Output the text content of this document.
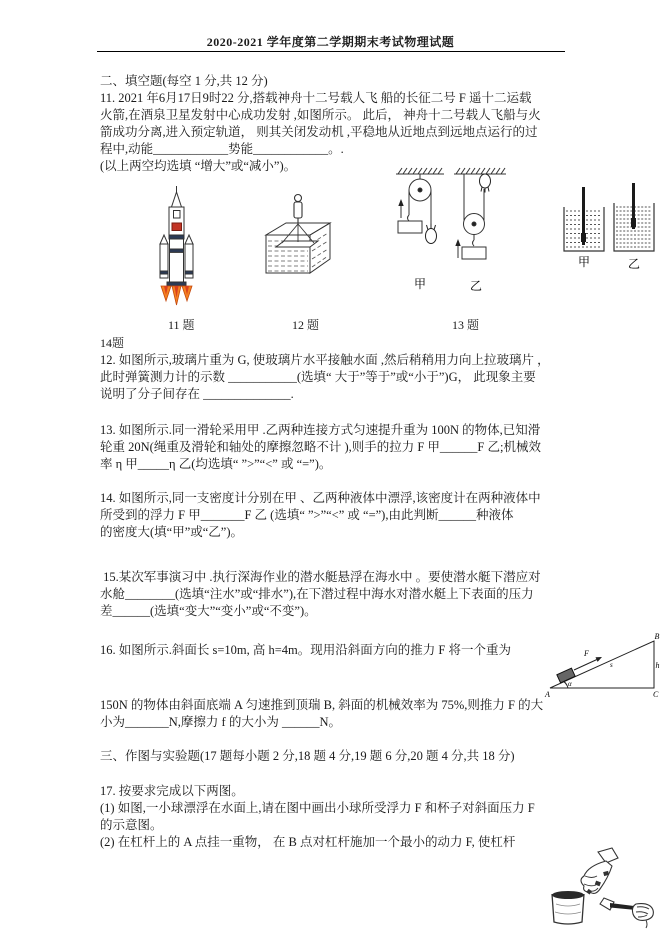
2020-2021 学年度第二学期期末考试物理试题
二、填空题(每空 1 分,共 12 分)
11. 2021 年6月17日9时22 分,搭载神舟十二号载人飞 船的长征二号 F 遥十二运载
火箭,在酒泉卫星发射中心成功发射 ,如图所示。 此后， 神舟十二号载人飞船与火
箭成功分离,进入预定轨道， 则其关闭发动机 ,平稳地从近地点到远地点运行的过
程中,动能____________势能____________。.
(以上两空均选填 “增大”或“减小”)。
甲	乙
甲	乙
11 题	12 题	13 题
14题
12. 如图所示,玻璃片重为 G, 使玻璃片水平接触水面 ,然后稍稍用力向上拉玻璃片 ，
此时弹簧测力计的示数 ___________(选填“ 大于”等于”或“小于”)G， 此现象主要
说明了分子间存在 ______________.
13. 如图所示.同一滑轮采用甲 .乙两种连接方式匀速提升重为 100N 的物体,已知滑
轮重 20N(绳重及滑轮和轴处的摩擦忽略不计 ),则手的拉力 F 甲______F 乙;机械效
率 η 甲_____η 乙(均选填“ ”>”“<” 或 “=”)。
14. 如图所示,同一支密度计分别在甲 、乙两种液体中漂浮,该密度计在两种液体中
所受到的浮力 F 甲_______F 乙 (选填“ ”>”“<” 或 “=”),由此判断______种液体
的密度大(填“甲”或“乙”)。
15.某次军事演习中 .执行深海作业的潜水艇悬浮在海水中 。要使潜水艇下潜应对
水舱________(选填“注水”或“排水”),在下潜过程中海水对潜水艇上下表面的压力
差______(选填“变大”“变小”或“不变”)。
16. 如图所示.斜面长 s=10m, 高 h=4m。现用沿斜面方向的推力 F 将一个重为	F
s	h
α
A
B
C
150N 的物体由斜面底端 A 匀速推到顶瑞 B, 斜面的机械效率为 75%,则推力 F 的大
小为_______N,摩擦力 f 的大小为 ______N。
三、作图与实验题(17 题每小题 2 分,18 题 4 分,19 题 6 分,20 题 4 分,共 18 分)
17. 按要求完成以下两图。
(1) 如图,一小球漂浮在水面上,请在图中画出小球所受浮力 F 和杯子对斜面压力 F
的示意图。
(2) 在杠杆上的 A 点挂一重物， 在 B 点对杠杆施加一个最小的动力 F, 使杠杆
